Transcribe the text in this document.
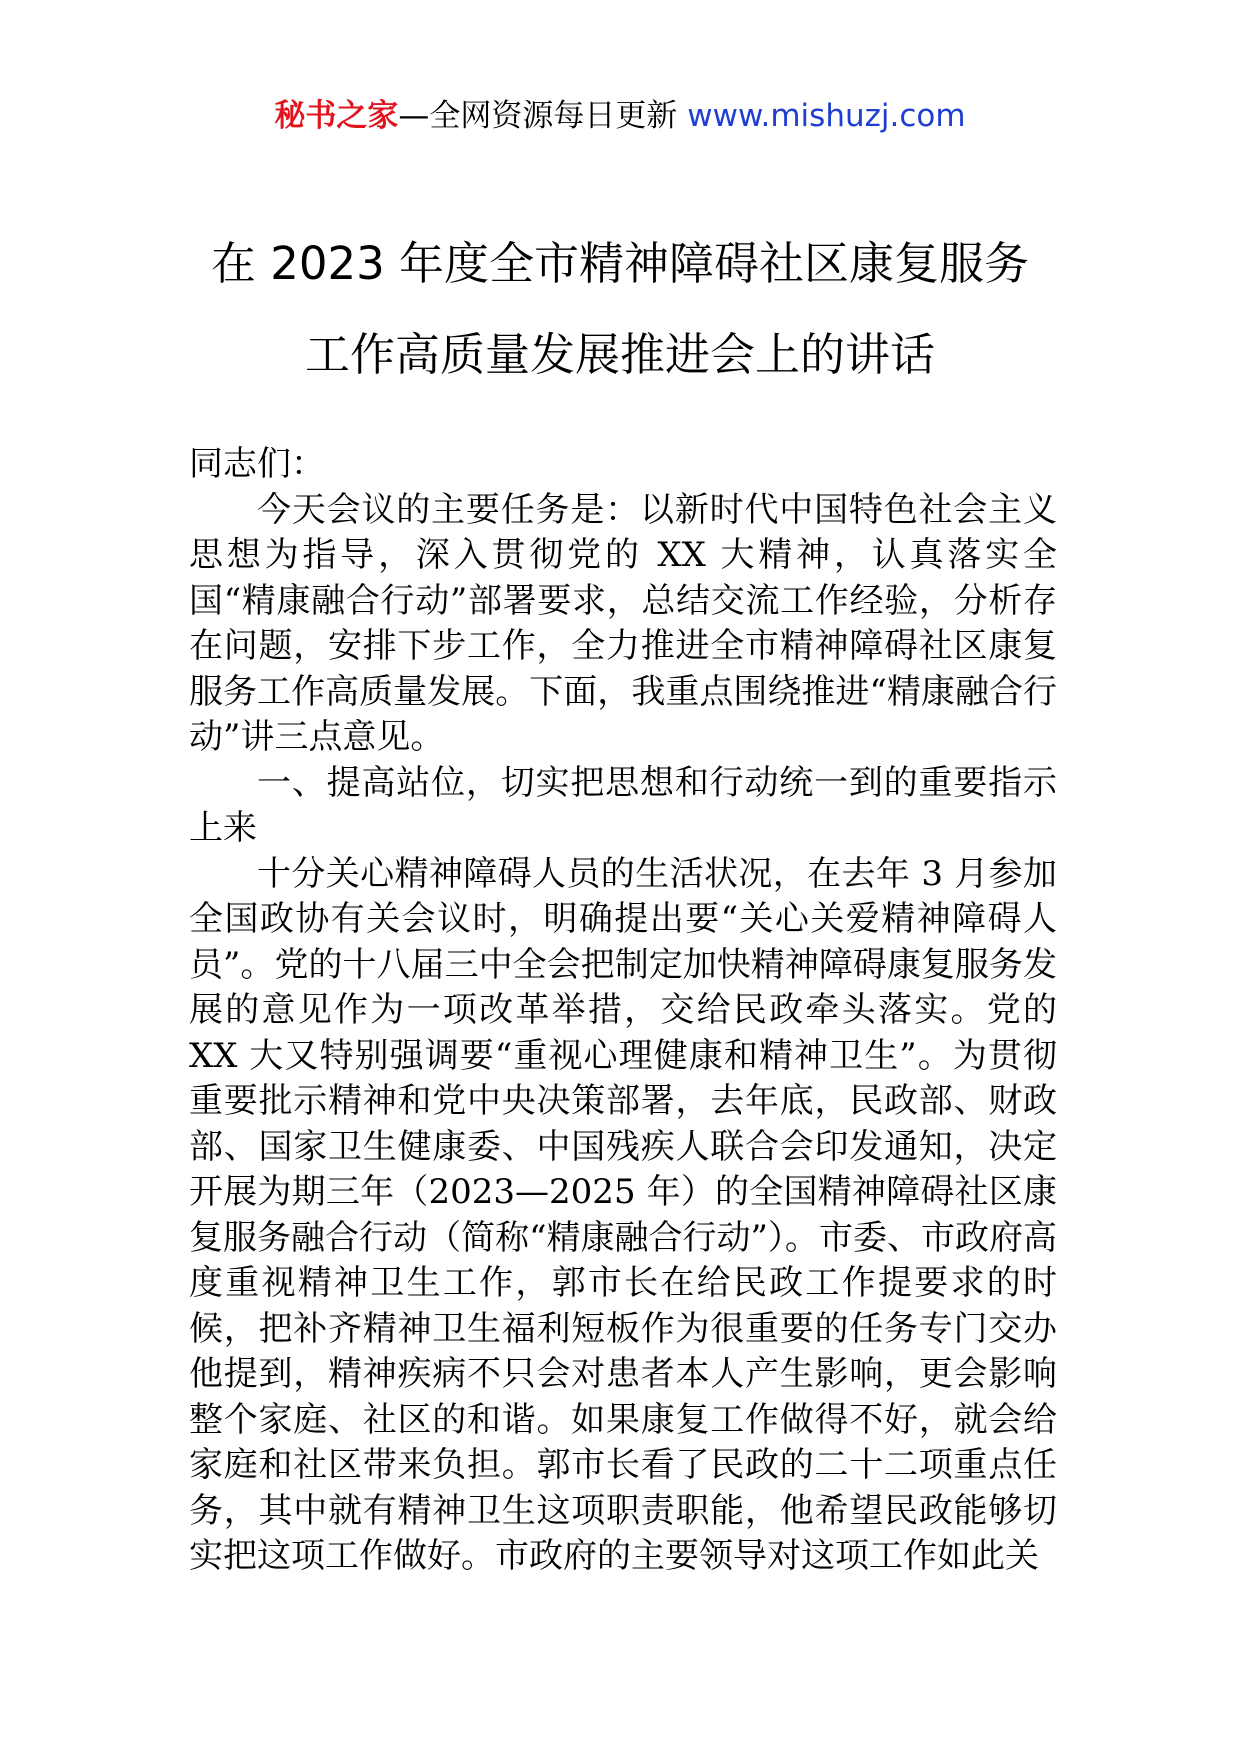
秘书之家—全网资源每日更新 www.mishuzj.com
在 2023 年度全市精神障碍社区康复服务
工作高质量发展推进会上的讲话

同志们：

今天会议的主要任务是：以新时代中国特色社会主义思想为指导，深入贯彻党的 XX 大精神，认真落实全国“精康融合行动”部署要求，总结交流工作经验，分析存在问题，安排下步工作，全力推进全市精神障碍社区康复服务工作高质量发展。下面，我重点围绕推进“精康融合行动”讲三点意见。

一、提高站位，切实把思想和行动统一到的重要指示上来

十分关心精神障碍人员的生活状况，在去年 3 月参加全国政协有关会议时，明确提出要“关心关爱精神障碍人员”。党的十八届三中全会把制定加快精神障碍康复服务发展的意见作为一项改革举措，交给民政牵头落实。党的 XX 大又特别强调要“重视心理健康和精神卫生”。为贯彻重要批示精神和党中央决策部署，去年底，民政部、财政部、国家卫生健康委、中国残疾人联合会印发通知，决定开展为期三年（2023—2025 年）的全国精神障碍社区康复服务融合行动（简称“精康融合行动”）。市委、市政府高度重视精神卫生工作，郭市长在给民政工作提要求的时候，把补齐精神卫生福利短板作为很重要的任务专门交办他提到，精神疾病不只会对患者本人产生影响，更会影响整个家庭、社区的和谐。如果康复工作做得不好，就会给家庭和社区带来负担。郭市长看了民政的二十二项重点任务，其中就有精神卫生这项职责职能，他希望民政能够切实把这项工作做好。市政府的主要领导对这项工作如此关
